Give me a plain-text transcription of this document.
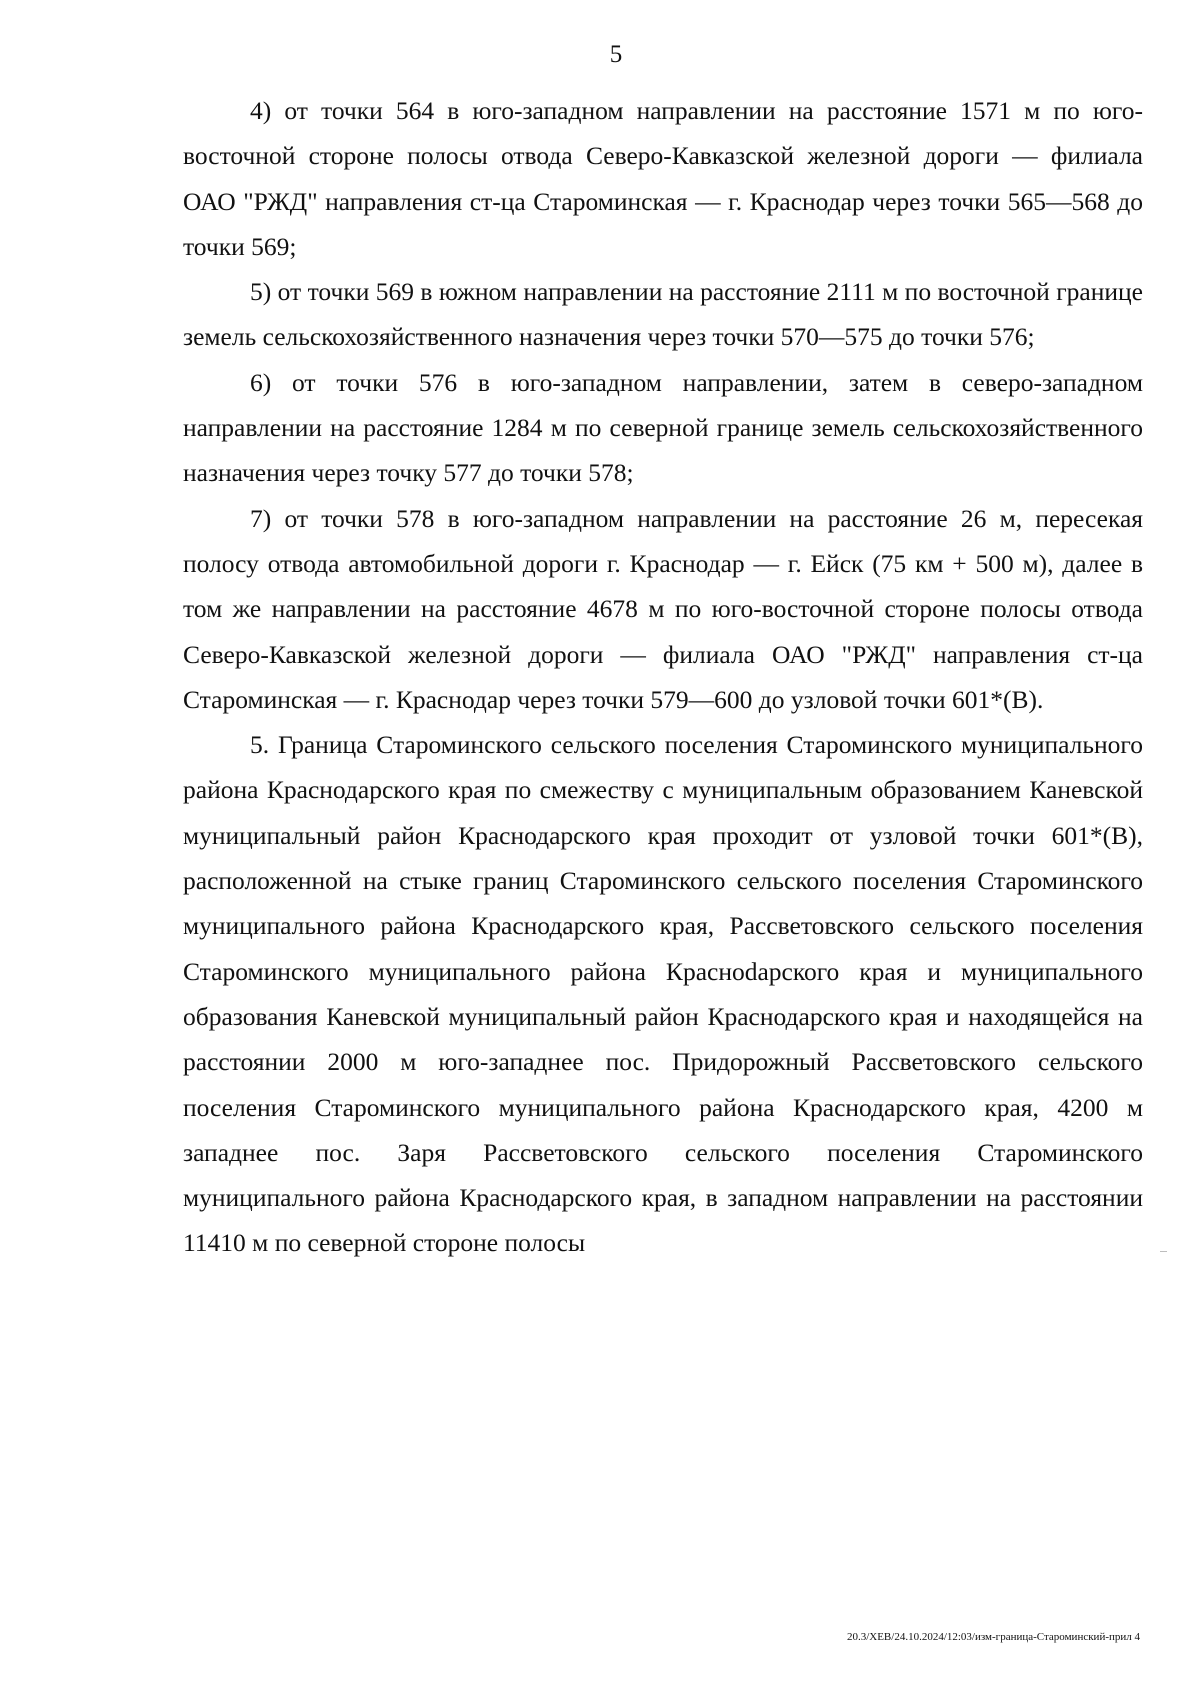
5

4) от точки 564 в юго-западном направлении на расстояние 1571 м по юго-восточной стороне полосы отвода Северо-Кавказской железной дороги — филиала ОАО "РЖД" направления ст-ца Староминская — г. Краснодар через точки 565—568 до точки 569;

5) от точки 569 в южном направлении на расстояние 2111 м по восточной границе земель сельскохозяйственного назначения через точки 570—575 до точки 576;

6) от точки 576 в юго-западном направлении, затем в северо-западном направлении на расстояние 1284 м по северной границе земель сельскохозяйственного назначения через точку 577 до точки 578;

7) от точки 578 в юго-западном направлении на расстояние 26 м, пересекая полосу отвода автомобильной дороги г. Краснодар — г. Ейск (75 км + 500 м), далее в том же направлении на расстояние 4678 м по юго-восточной стороне полосы отвода Северо-Кавказской железной дороги — филиала ОАО "РЖД" направления ст-ца Староминская — г. Краснодар через точки 579—600 до узловой точки 601*(В).

5. Граница Староминского сельского поселения Староминского муниципального района Краснодарского края по смежеству с муниципальным образованием Каневской муниципальный район Краснодарского края проходит от узловой точки 601*(В), расположенной на стыке границ Староминского сельского поселения Староминского муниципального района Краснодарского края, Рассветовского сельского поселения Староминского муниципального района Красноdарского края и муниципального образования Каневской муниципальный район Краснодарского края и находящейся на расстоянии 2000 м юго-западнее пос. Придорожный Рассветовского сельского поселения Староминского муниципального района Краснодарского края, 4200 м западнее пос. Заря Рассветовского сельского поселения Староминского муниципального района Краснодарского края, в западном направлении на расстоянии 11410 м по северной стороне полосы

20.3/ХЕВ/24.10.2024/12:03/изм-граница-Староминский-прил 4
